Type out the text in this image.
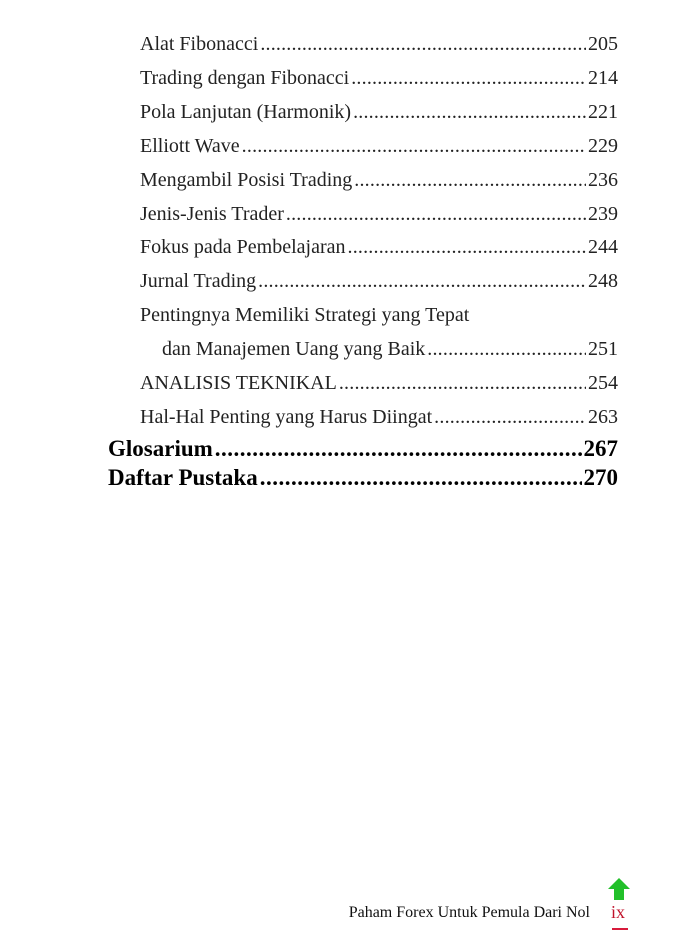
Alat Fibonacci .....	205
Trading dengan Fibonacci .....	214
Pola Lanjutan (Harmonik) .....	221
Elliott Wave .....	229
Mengambil Posisi Trading .....	236
Jenis-Jenis Trader .....	239
Fokus pada Pembelajaran .....	244
Jurnal Trading .....	248
Pentingnya Memiliki Strategi yang Tepat
dan Manajemen Uang yang Baik .....	251
ANALISIS TEKNIKAL .....	254
Hal-Hal Penting yang Harus Diingat .....	263
Glosarium .....	267
Daftar Pustaka .....	270
Paham Forex Untuk Pemula Dari Nol ix
